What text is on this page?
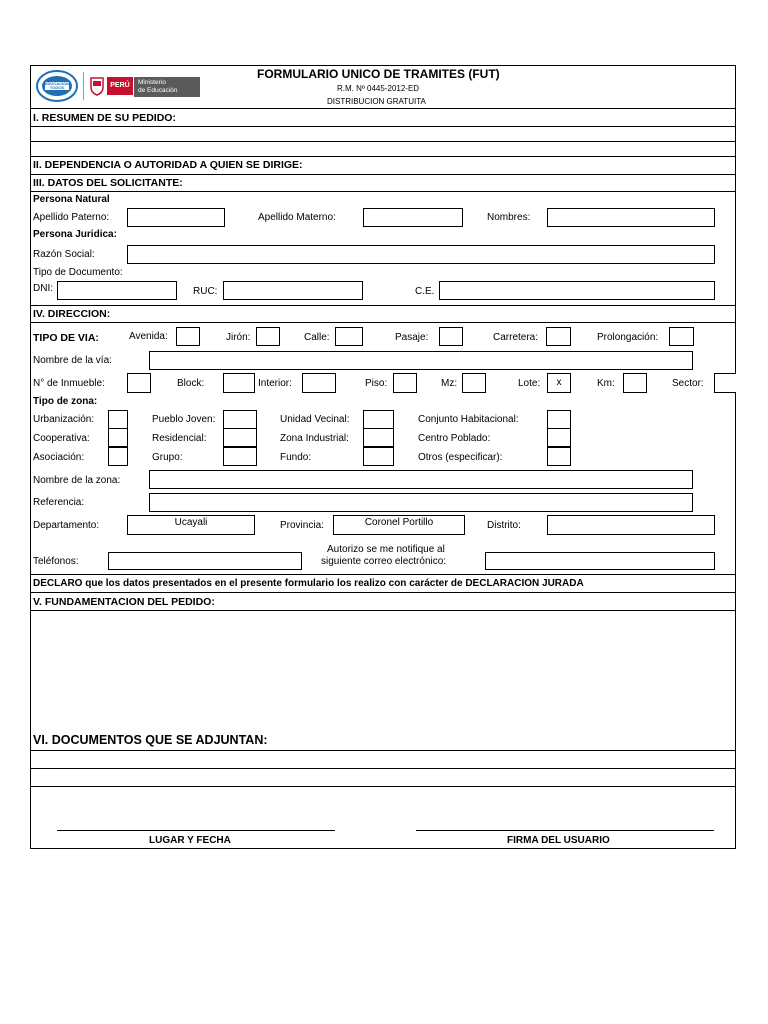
EDUCACIÓN TODOS	PERÚ	Ministerio
de Educación
FORMULARIO UNICO DE TRAMITES (FUT)
R.M. Nº 0445-2012-ED
DISTRIBUCION GRATUITA
I. RESUMEN DE SU PEDIDO:
II. DEPENDENCIA O AUTORIDAD A QUIEN SE DIRIGE:
III. DATOS DEL SOLICITANTE:
Persona Natural
Apellido Paterno:	Apellido Materno:	Nombres:
Persona Juridica:
Razón Social:
Tipo de Documento:
DNI:	RUC:	C.E.
IV. DIRECCION:
TIPO DE VIA:	Avenida:	Jirón:	Calle:	Pasaje:	Carretera:	Prolongación:
Nombre de la vía:
N° de Inmueble:	Block:	Interior:	Piso:	Mz:	Lote:	x	Km:	Sector:
Tipo de zona:
Urbanización:	Pueblo Joven:	Unidad Vecinal:	Conjunto Habitacional:
Cooperativa:	Residencial:	Zona Industrial:	Centro Poblado:
Asociación:	Grupo:	Fundo:	Otros (especificar):
Nombre de la zona:
Referencia:
Departamento:	Ucayali	Provincia:	Coronel Portillo	Distrito:
Teléfonos:
Autorizo se me notifique al
siguiente correo electrónico:
DECLARO que los datos presentados en el presente formulario los realizo con carácter de DECLARACION JURADA
V. FUNDAMENTACION DEL PEDIDO:
VI. DOCUMENTOS QUE SE ADJUNTAN:
LUGAR Y FECHA	FIRMA DEL USUARIO
